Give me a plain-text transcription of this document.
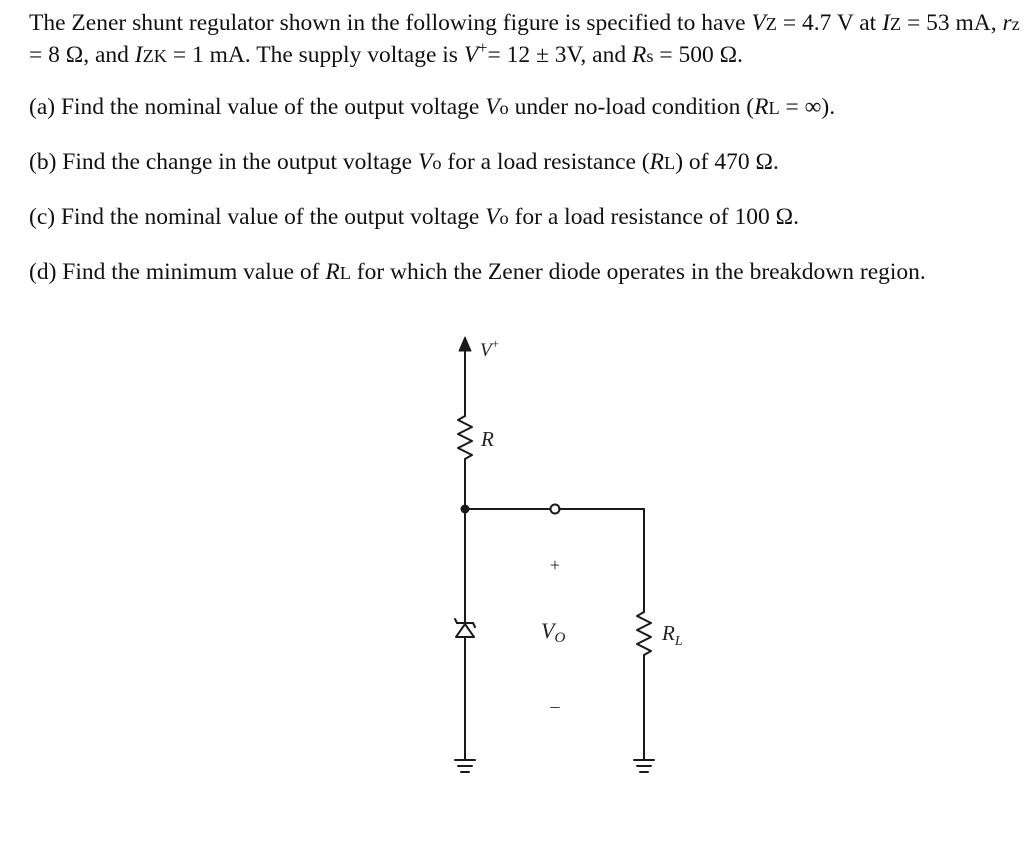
The Zener shunt regulator shown in the following figure is specified to have VZ = 4.7 V at IZ = 53 mA, rz = 8 Ω, and IZK = 1 mA. The supply voltage is V+= 12 ± 3V, and Rs = 500 Ω.

(a) Find the nominal value of the output voltage Vo under no-load condition (RL = ∞).

(b) Find the change in the output voltage Vo for a load resistance (RL) of 470 Ω.

(c) Find the nominal value of the output voltage Vo for a load resistance of 100 Ω.

(d) Find the minimum value of RL for which the Zener diode operates in the breakdown region.

V+
R
+
VO
–
$R_L$
